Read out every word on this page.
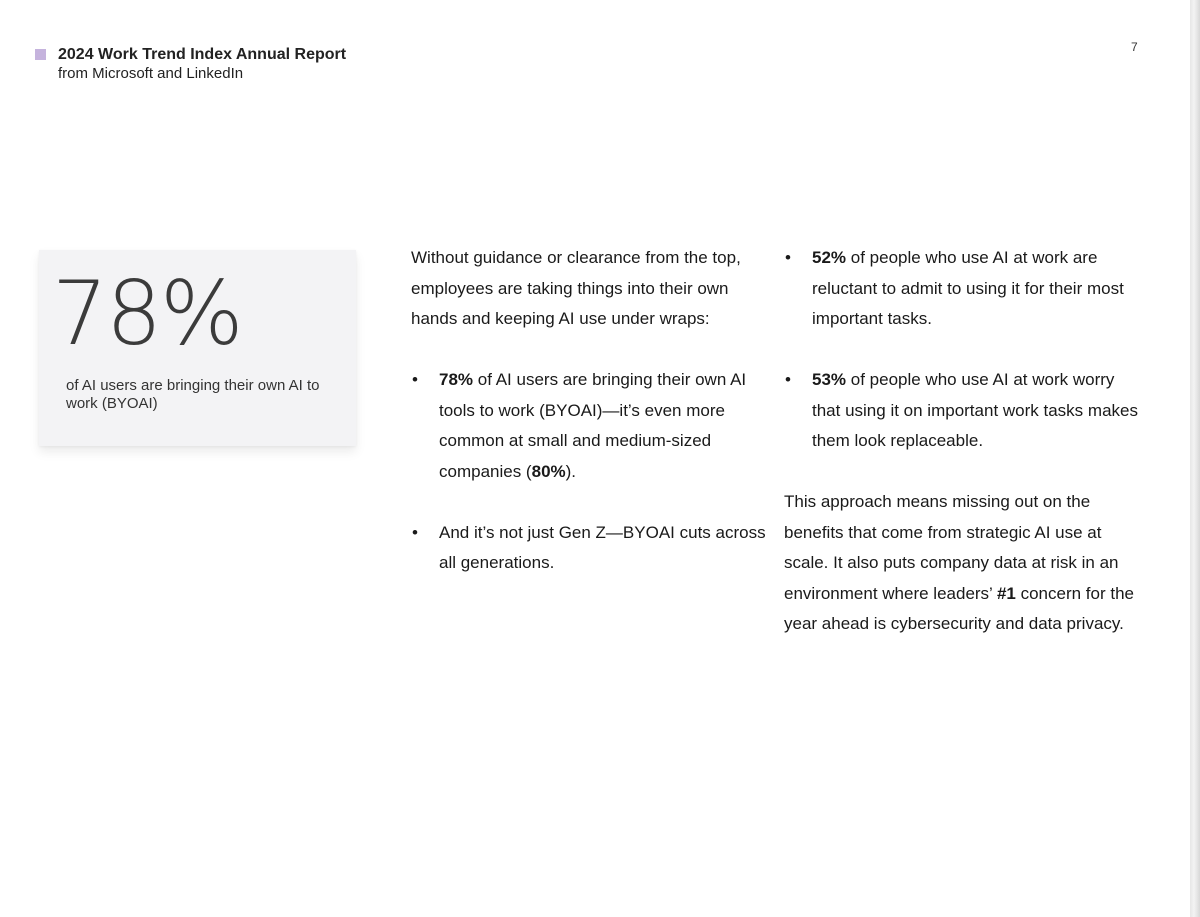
2024 Work Trend Index Annual Report
from Microsoft and LinkedIn
7
78%
of AI users are bringing their own AI to work (BYOAI)

Without guidance or clearance from the top, employees are taking things into their own hands and keeping AI use under wraps:

• 78% of AI users are bringing their own AI tools to work (BYOAI)—it’s even more common at small and medium-sized companies (80%).
• And it’s not just Gen Z—BYOAI cuts across all generations.
• 52% of people who use AI at work are reluctant to admit to using it for their most important tasks.
• 53% of people who use AI at work worry that using it on important work tasks makes them look replaceable.

This approach means missing out on the benefits that come from strategic AI use at scale. It also puts company data at risk in an environment where leaders’ #1 concern for the year ahead is cybersecurity and data privacy.
